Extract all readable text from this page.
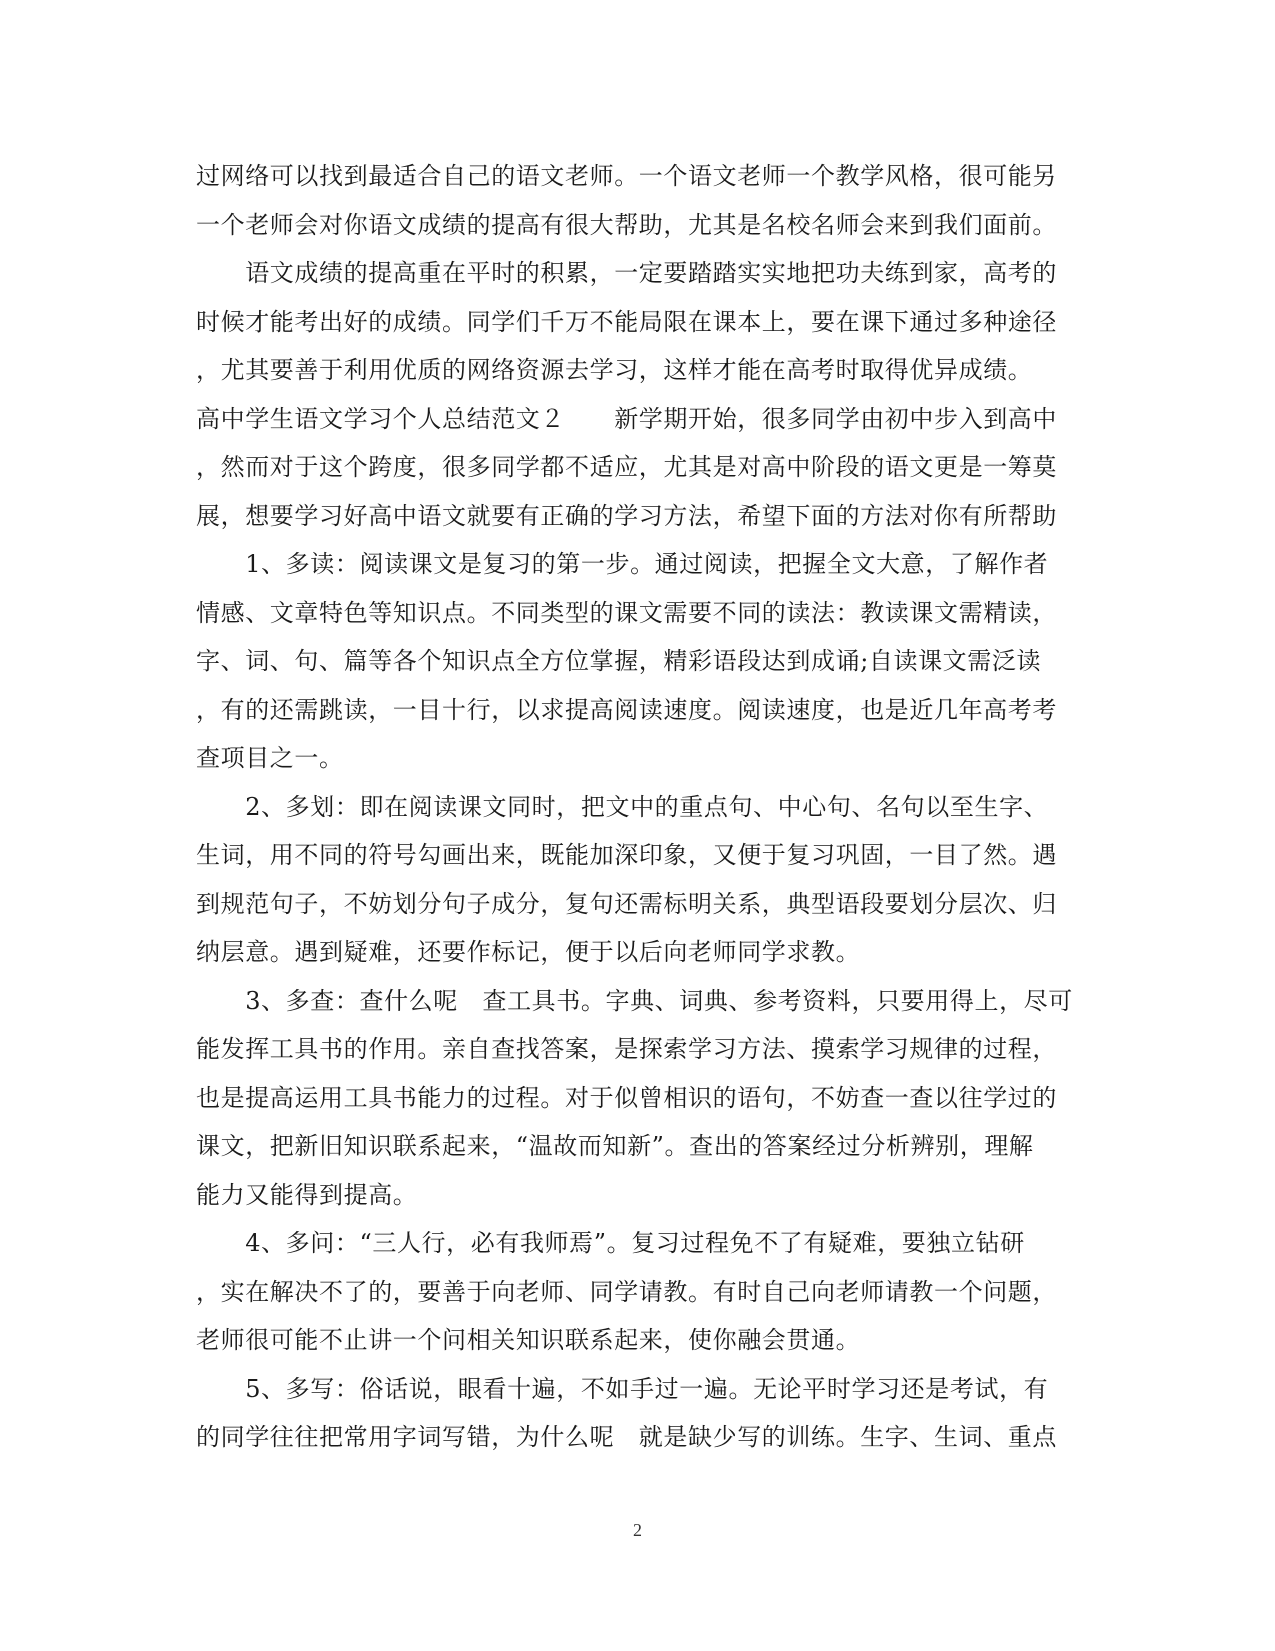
过网络可以找到最适合自己的语文老师。一个语文老师一个教学风格，很可能另
一个老师会对你语文成绩的提高有很大帮助，尤其是名校名师会来到我们面前。
　　语文成绩的提高重在平时的积累，一定要踏踏实实地把功夫练到家，高考的
时候才能考出好的成绩。同学们千万不能局限在课本上，要在课下通过多种途径
，尤其要善于利用优质的网络资源去学习，这样才能在高考时取得优异成绩。
高中学生语文学习个人总结范文２　　新学期开始，很多同学由初中步入到高中
，然而对于这个跨度，很多同学都不适应，尤其是对高中阶段的语文更是一筹莫
展，想要学习好高中语文就要有正确的学习方法，希望下面的方法对你有所帮助
　　1、多读：阅读课文是复习的第一步。通过阅读，把握全文大意，了解作者
情感、文章特色等知识点。不同类型的课文需要不同的读法：教读课文需精读，
字、词、句、篇等各个知识点全方位掌握，精彩语段达到成诵;自读课文需泛读
，有的还需跳读，一目十行，以求提高阅读速度。阅读速度，也是近几年高考考
查项目之一。
　　2、多划：即在阅读课文同时，把文中的重点句、中心句、名句以至生字、
生词，用不同的符号勾画出来，既能加深印象，又便于复习巩固，一目了然。遇
到规范句子，不妨划分句子成分，复句还需标明关系，典型语段要划分层次、归
纳层意。遇到疑难，还要作标记，便于以后向老师同学求教。
　　3、多查：查什么呢　查工具书。字典、词典、参考资料，只要用得上，尽可
能发挥工具书的作用。亲自查找答案，是探索学习方法、摸索学习规律的过程，
也是提高运用工具书能力的过程。对于似曾相识的语句，不妨查一查以往学过的
课文，把新旧知识联系起来，“温故而知新”。查出的答案经过分析辨别，理解
能力又能得到提高。
　　4、多问：“三人行，必有我师焉”。复习过程免不了有疑难，要独立钻研
，实在解决不了的，要善于向老师、同学请教。有时自己向老师请教一个问题，
老师很可能不止讲一个问相关知识联系起来，使你融会贯通。
　　5、多写：俗话说，眼看十遍，不如手过一遍。无论平时学习还是考试，有
的同学往往把常用字词写错，为什么呢　就是缺少写的训练。生字、生词、重点
2
